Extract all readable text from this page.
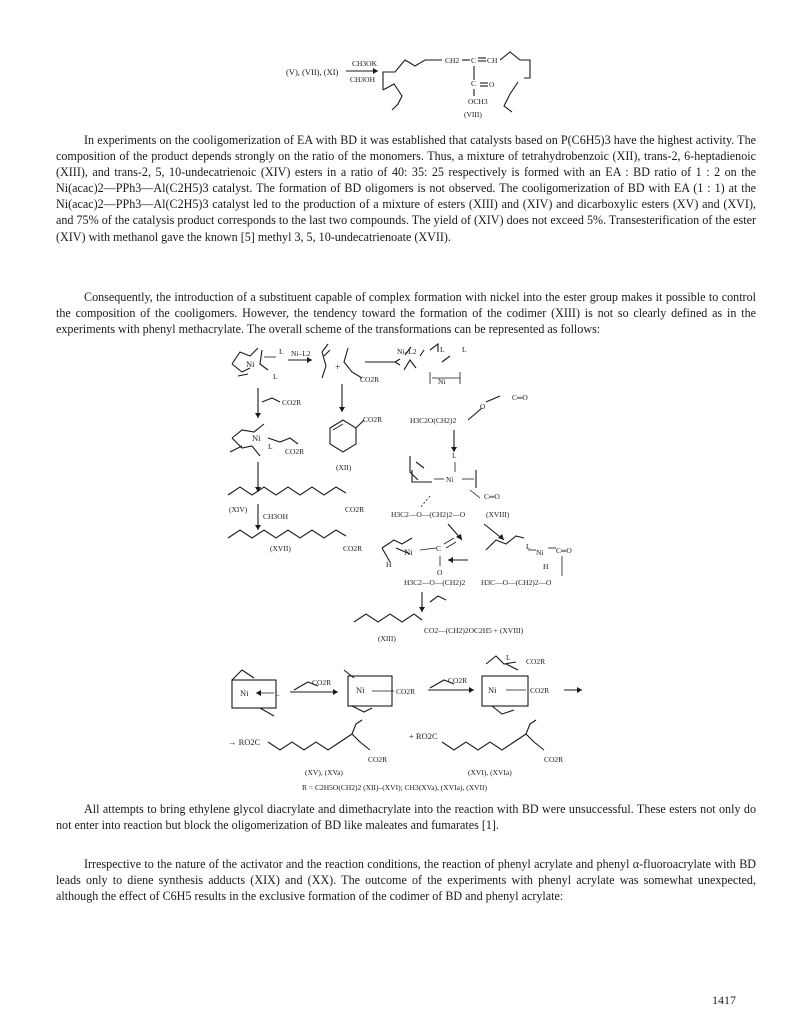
(V), (VII), (XI)
CH3OK
CH3OH
CH2 C CH
C O
OCH3
(VIII)
Ni
L
L
Ni–L2
+
CO2R
Ni–L2	L L
Ni
CO2R
Ni
L
CO2R
CO2R
(XIV)
CH3OH
CO2R
(XVII)
CO2R
(XII)
H3C2O(CH2)2
O
C═O
L
Ni
C═O
H3C2—O—(CH2)2—O	(XVIII)
Ni
H
C
O
H3C2—O—(CH2)2
L
Ni
H
C═O
H3C—O—(CH2)2—O
CO2—(CH2)2OC2H5 + (XVIII)
(XIII)
Ni	L
CO2R
Ni	CO2R
CO2R
CO2R
L
Ni	CO2R
→ RO2C
CO2R
+ RO2C
CO2R
(XV), (XVa)	(XVI), (XVIa)
R = C2H5O(CH2)2 (XII)–(XVI); CH3(XVa), (XVIa), (XVII)

In experiments on the cooligomerization of EA with BD it was established that catalysts based on P(C6H5)3 have the highest activity. The composition of the product depends strongly on the ratio of the monomers. Thus, a mixture of tetrahydrobenzoic (XII), trans-2, 6-heptadienoic (XIII), and trans-2, 5, 10-undecatrienoic (XIV) esters in a ratio of 40: 35: 25 respectively is formed with an EA : BD ratio of 1 : 2 on the Ni(acac)2—PPh3—Al(C2H5)3 catalyst. The formation of BD oligomers is not observed. The cooligomerization of BD with EA (1 : 1) at the Ni(acac)2—PPh3—Al(C2H5)3 catalyst led to the production of a mixture of esters (XIII) and (XIV) and dicarboxylic esters (XV) and (XVI), and 75% of the catalysis product corresponds to the last two compounds. The yield of (XIV) does not exceed 5%. Transesterification of the ester (XIV) with methanol gave the known [5] methyl 3, 5, 10-undecatrienoate (XVII).

Consequently, the introduction of a substituent capable of complex formation with nickel into the ester group makes it possible to control the composition of the cooligomers. However, the tendency toward the formation of the codimer (XIII) is not so clearly defined as in the experiments with phenyl methacrylate. The overall scheme of the transformations can be represented as follows:

All attempts to bring ethylene glycol diacrylate and dimethacrylate into the reaction with BD were unsuccessful. These esters not only do not enter into reaction but block the oligomerization of BD like maleates and fumarates [1].

Irrespective to the nature of the activator and the reaction conditions, the reaction of phenyl acrylate and phenyl α-fluoroacrylate with BD leads only to diene synthesis adducts (XIX) and (XX). The outcome of the experiments with phenyl acrylate was somewhat unexpected, although the effect of C6H5 results in the exclusive formation of the codimer of BD and phenyl acrylate:

1417
